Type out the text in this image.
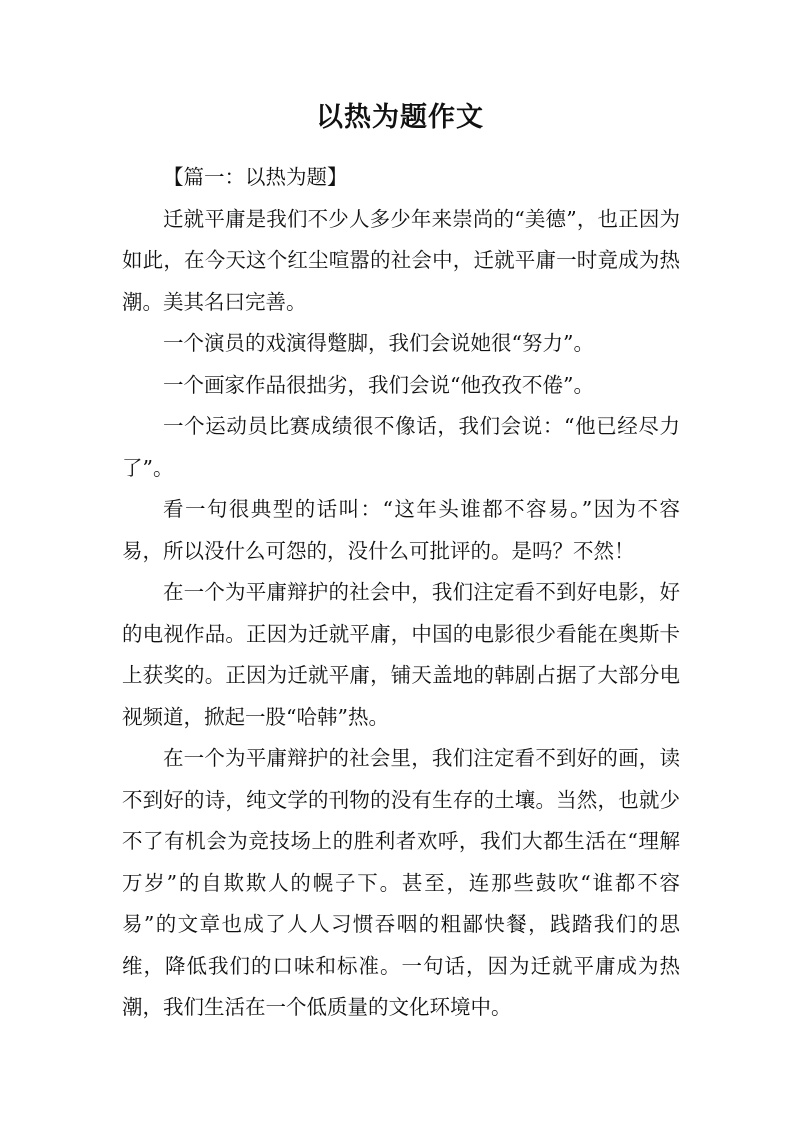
以热为题作文

【篇一：以热为题】

迁就平庸是我们不少人多少年来崇尚的“美德”，也正因为如此，在今天这个红尘喧嚣的社会中，迁就平庸一时竟成为热潮。美其名曰完善。

一个演员的戏演得蹩脚，我们会说她很“努力”。

一个画家作品很拙劣，我们会说“他孜孜不倦”。

一个运动员比赛成绩很不像话，我们会说：“他已经尽力了”。

看一句很典型的话叫：“这年头谁都不容易。”因为不容易，所以没什么可怨的，没什么可批评的。是吗？不然！

在一个为平庸辩护的社会中，我们注定看不到好电影，好的电视作品。正因为迁就平庸，中国的电影很少看能在奥斯卡上获奖的。正因为迁就平庸，铺天盖地的韩剧占据了大部分电视频道，掀起一股“哈韩”热。

在一个为平庸辩护的社会里，我们注定看不到好的画，读不到好的诗，纯文学的刊物的没有生存的土壤。当然，也就少不了有机会为竞技场上的胜利者欢呼，我们大都生活在“理解万岁”的自欺欺人的幌子下。甚至，连那些鼓吹“谁都不容易”的文章也成了人人习惯吞咽的粗鄙快餐，践踏我们的思维，降低我们的口味和标准。一句话，因为迁就平庸成为热潮，我们生活在一个低质量的文化环境中。
